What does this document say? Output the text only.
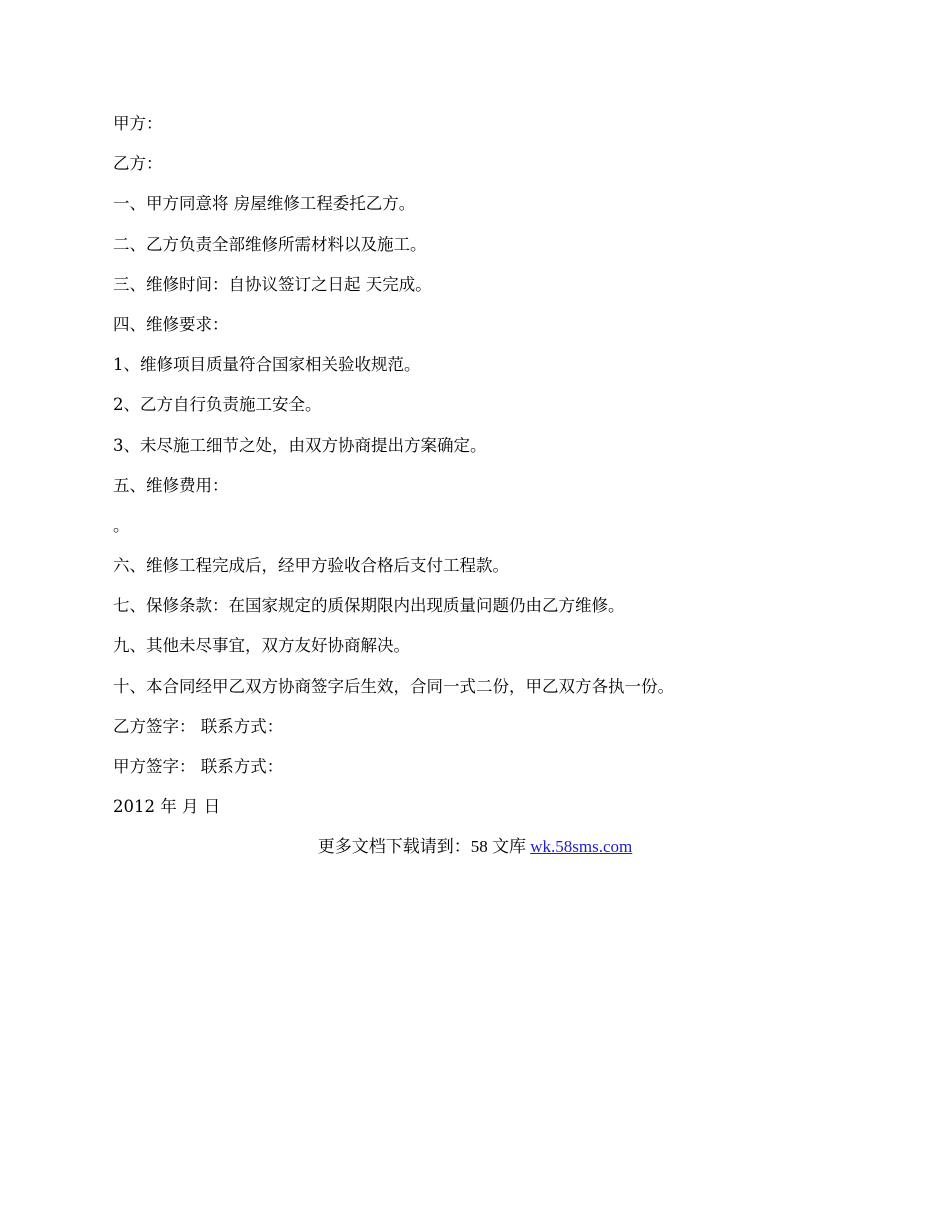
甲方：
乙方：
一、甲方同意将 房屋维修工程委托乙方。
二、乙方负责全部维修所需材料以及施工。
三、维修时间：自协议签订之日起 天完成。
四、维修要求：
1、维修项目质量符合国家相关验收规范。
2、乙方自行负责施工安全。
3、未尽施工细节之处，由双方协商提出方案确定。
五、维修费用：
。
六、维修工程完成后，经甲方验收合格后支付工程款。
七、保修条款：在国家规定的质保期限内出现质量问题仍由乙方维修。
九、其他未尽事宜，双方友好协商解决。
十、本合同经甲乙双方协商签字后生效，合同一式二份，甲乙双方各执一份。
乙方签字： 联系方式：
甲方签字： 联系方式：
2012 年 月 日
更多文档下载请到：58 文库 wk.58sms.com
